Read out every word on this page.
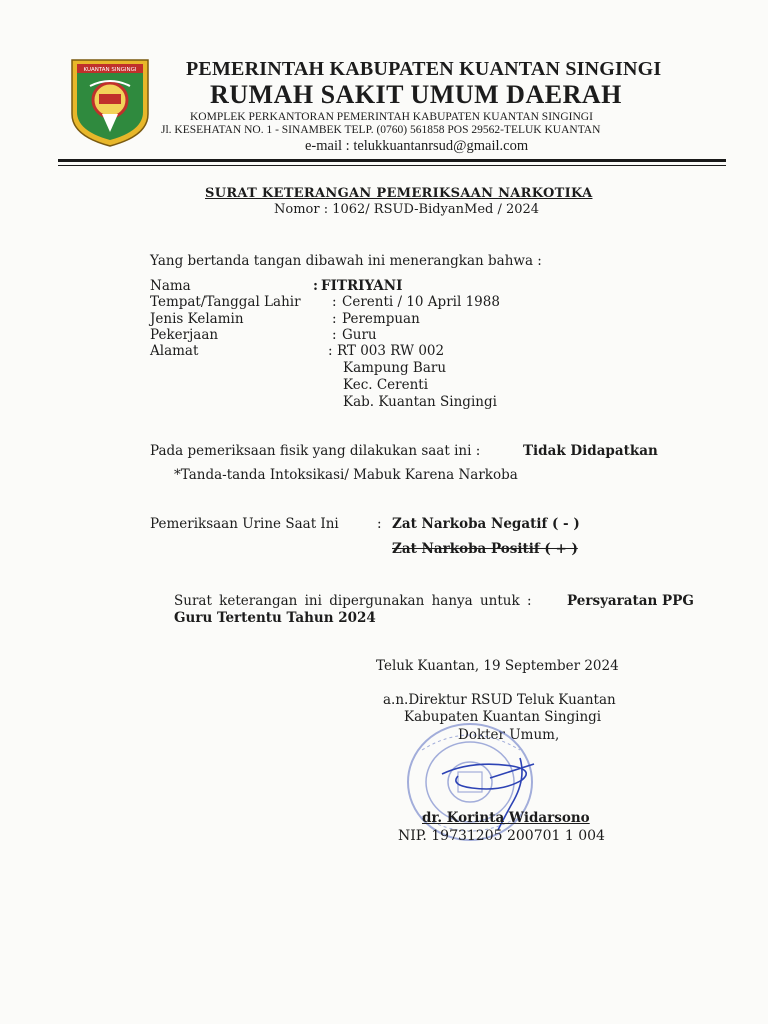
KUANTAN SINGINGI PEMERINTAH KABUPATEN KUANTAN SINGINGI
RUMAH SAKIT UMUM DAERAH
KOMPLEK PERKANTORAN PEMERINTAH KABUPATEN KUANTAN SINGINGI
Jl. KESEHATAN NO. 1 - SINAMBEK TELP. (0760) 561858 POS 29562-TELUK KUANTAN
e-mail : telukkuantanrsud@gmail.com
SURAT KETERANGAN PEMERIKSAAN NARKOTIKA
Nomor : 1062/ RSUD-BidyanMed / 2024
Yang bertanda tangan dibawah ini menerangkan bahwa :
Nama	: FITRIYANI
Tempat/Tanggal Lahir : Cerenti / 10 April 1988
Jenis Kelamin	: Perempuan
Pekerjaan	: Guru
Alamat	: RT 003 RW 002
Kampung Baru
Kec. Cerenti
Kab. Kuantan Singingi
Pada pemeriksaan fisik yang dilakukan saat ini :	Tidak Didapatkan
*Tanda-tanda Intoksikasi/ Mabuk Karena Narkoba
Pemeriksaan Urine Saat Ini	: Zat Narkoba Negatif ( - )
Zat Narkoba Positif ( + )
Surat keterangan ini dipergunakan hanya untuk :	Persyaratan PPG
Guru Tertentu Tahun 2024
Teluk Kuantan, 19 September 2024
a.n.Direktur RSUD Teluk Kuantan
Kabupaten Kuantan Singingi
Dokter Umum,
dr. Korinta Widarsono
NIP. 19731205 200701 1 004
